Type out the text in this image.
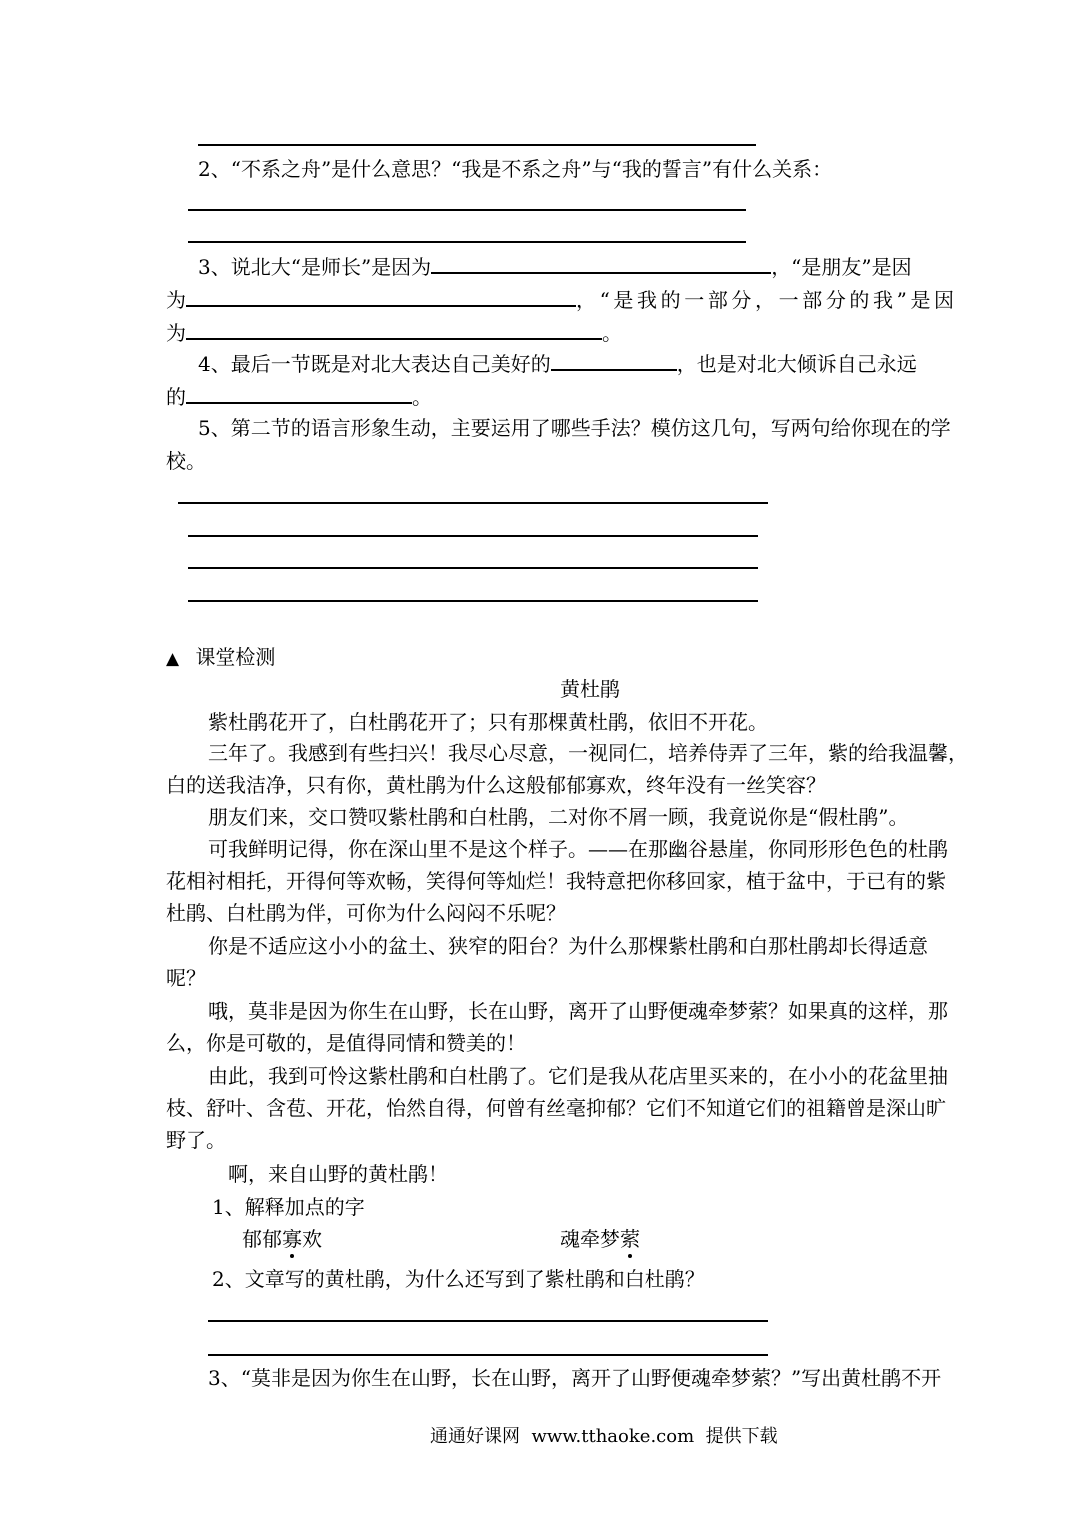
2、“不系之舟”是什么意思？“我是不系之舟”与“我的誓言”有什么关系：
3、说北大“是师长”是因为	，“是朋友”是因
为	，“是我的一部分，一部分的我”是因
为	。
4、最后一节既是对北大表达自己美好的	，也是对北大倾诉自己永远
的	。
5、第二节的语言形象生动，主要运用了哪些手法？模仿这几句，写两句给你现在的学
校。
▲ 课堂检测
黄杜鹃
紫杜鹃花开了，白杜鹃花开了；只有那棵黄杜鹃，依旧不开花。
三年了。我感到有些扫兴！我尽心尽意，一视同仁，培养侍弄了三年，紫的给我温馨，
白的送我洁净，只有你，黄杜鹃为什么这般郁郁寡欢，终年没有一丝笑容？
朋友们来，交口赞叹紫杜鹃和白杜鹃，二对你不屑一顾，我竟说你是“假杜鹃”。
可我鲜明记得，你在深山里不是这个样子。——在那幽谷悬崖，你同形形色色的杜鹃
花相衬相托，开得何等欢畅，笑得何等灿烂！我特意把你移回家，植于盆中，于已有的紫
杜鹃、白杜鹃为伴，可你为什么闷闷不乐呢？
你是不适应这小小的盆土、狭窄的阳台？为什么那棵紫杜鹃和白那杜鹃却长得适意
呢？
哦，莫非是因为你生在山野，长在山野，离开了山野便魂牵梦萦？如果真的这样，那
么，你是可敬的，是值得同情和赞美的！
由此，我到可怜这紫杜鹃和白杜鹃了。它们是我从花店里买来的，在小小的花盆里抽
枝、舒叶、含苞、开花，怡然自得，何曾有丝毫抑郁？它们不知道它们的祖籍曾是深山旷
野了。
啊，来自山野的黄杜鹃！
1、解释加点的字
郁郁寡欢	魂牵梦萦
2、文章写的黄杜鹃，为什么还写到了紫杜鹃和白杜鹃？
3、“莫非是因为你生在山野，长在山野，离开了山野便魂牵梦萦？”写出黄杜鹃不开
通通好课网  www.tthaoke.com  提供下载
